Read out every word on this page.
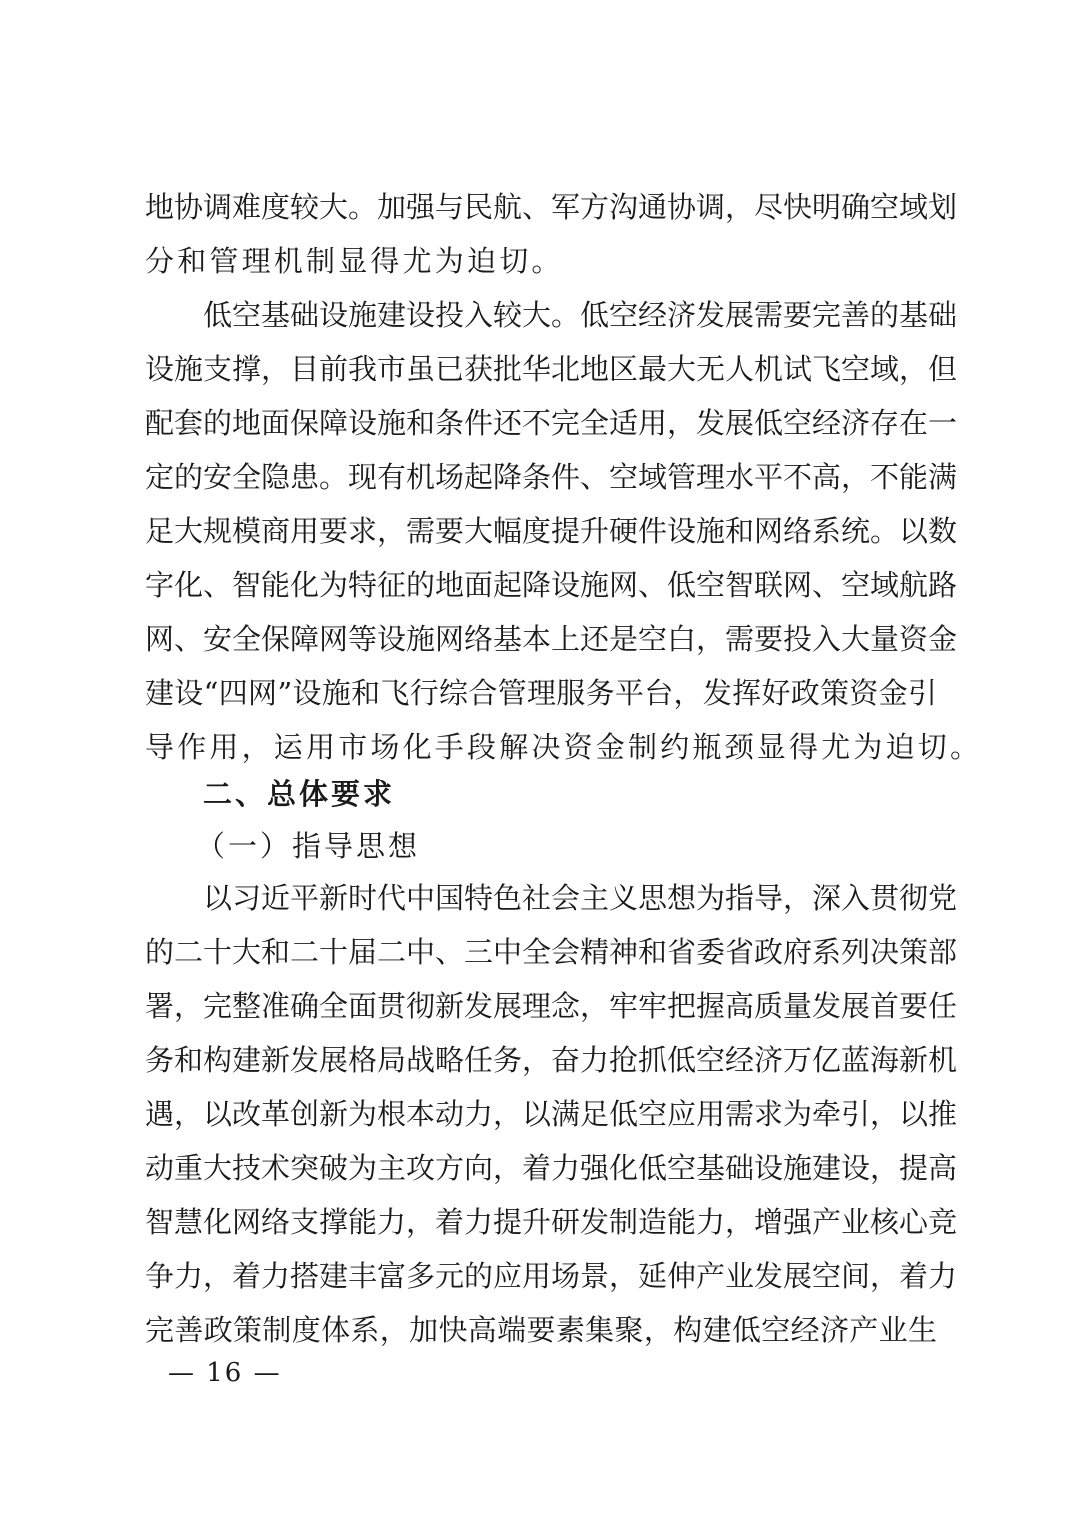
地协调难度较大。加强与民航、军方沟通协调，尽快明确空域划
分和管理机制显得尤为迫切。
低空基础设施建设投入较大。低空经济发展需要完善的基础
设施支撑，目前我市虽已获批华北地区最大无人机试飞空域，但
配套的地面保障设施和条件还不完全适用，发展低空经济存在一
定的安全隐患。现有机场起降条件、空域管理水平不高，不能满
足大规模商用要求，需要大幅度提升硬件设施和网络系统。以数
字化、智能化为特征的地面起降设施网、低空智联网、空域航路
网、安全保障网等设施网络基本上还是空白，需要投入大量资金
建设“四网”设施和飞行综合管理服务平台，发挥好政策资金引
导作用，运用市场化手段解决资金制约瓶颈显得尤为迫切。
二、总体要求
（一）指导思想
以习近平新时代中国特色社会主义思想为指导，深入贯彻党
的二十大和二十届二中、三中全会精神和省委省政府系列决策部
署，完整准确全面贯彻新发展理念，牢牢把握高质量发展首要任
务和构建新发展格局战略任务，奋力抢抓低空经济万亿蓝海新机
遇，以改革创新为根本动力，以满足低空应用需求为牵引，以推
动重大技术突破为主攻方向，着力强化低空基础设施建设，提高
智慧化网络支撑能力，着力提升研发制造能力，增强产业核心竞
争力，着力搭建丰富多元的应用场景，延伸产业发展空间，着力
完善政策制度体系，加快高端要素集聚，构建低空经济产业生
— 16 —
